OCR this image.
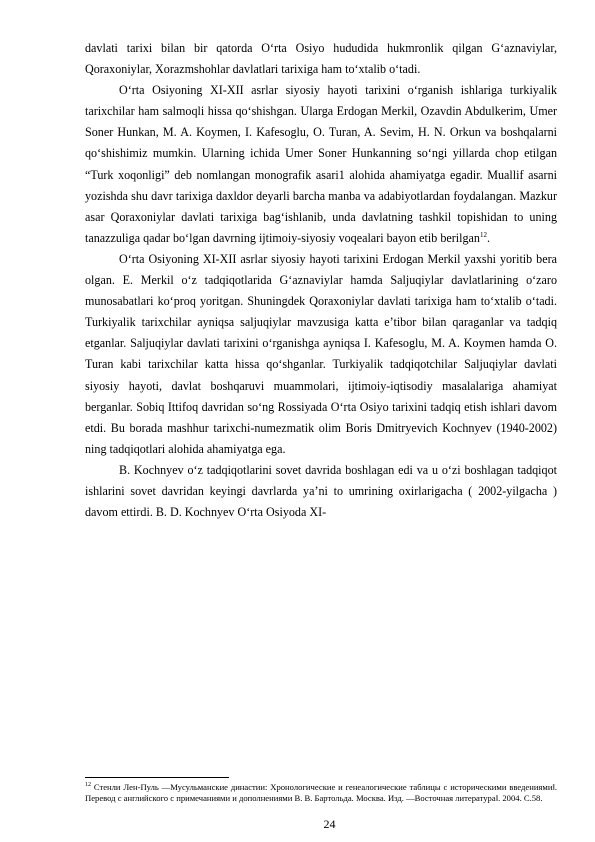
davlati tarixi bilan bir qatorda O‘rta Osiyo hududida hukmronlik qilgan G‘aznaviylar, Qoraxoniylar, Xorazmshohlar davlatlari tarixiga ham to‘xtalib o‘tadi.

O‘rta Osiyoning XI-XII asrlar siyosiy hayoti tarixini o‘rganish ishlariga turkiyalik tarixchilar ham salmoqli hissa qo‘shishgan. Ularga Erdogan Merkil, Ozavdin Abdulkerim, Umer Soner Hunkan, M. A. Koymen, I. Kafesoglu, O. Turan, A. Sevim, H. N. Orkun va boshqalarni qo‘shishimiz mumkin. Ularning ichida Umer Soner Hunkanning so‘ngi yillarda chop etilgan “Turk xoqonligi” deb nomlangan monografik asari1 alohida ahamiyatga egadir. Muallif asarni yozishda shu davr tarixiga daxldor deyarli barcha manba va adabiyotlardan foydalangan. Mazkur asar Qoraxoniylar davlati tarixiga bag‘ishlanib, unda davlatning tashkil topishidan to uning tanazzuliga qadar bo‘lgan davrning ijtimoiy-siyosiy voqealari bayon etib berilgan$^{12}$.

O‘rta Osiyoning XI-XII asrlar siyosiy hayoti tarixini Erdogan Merkil yaxshi yoritib bera olgan. E. Merkil o‘z tadqiqotlarida G‘aznaviylar hamda Saljuqiylar davlatlarining o‘zaro munosabatlari ko‘proq yoritgan. Shuningdek Qoraxoniylar davlati tarixiga ham to‘xtalib o‘tadi. Turkiyalik tarixchilar ayniqsa saljuqiylar mavzusiga katta e’tibor bilan qaraganlar va tadqiq etganlar. Saljuqiylar davlati tarixini o‘rganishga ayniqsa I. Kafesoglu, M. A. Koymen hamda O. Turan kabi tarixchilar katta hissa qo‘shganlar. Turkiyalik tadqiqotchilar Saljuqiylar davlati siyosiy hayoti, davlat boshqaruvi muammolari, ijtimoiy-iqtisodiy masalalariga ahamiyat berganlar. Sobiq Ittifoq davridan so‘ng Rossiyada O‘rta Osiyo tarixini tadqiq etish ishlari davom etdi. Bu borada mashhur tarixchi-numezmatik olim Boris Dmitryevich Kochnyev (1940-2002) ning tadqiqotlari alohida ahamiyatga ega.

B. Kochnyev o‘z tadqiqotlarini sovet davrida boshlagan edi va u o‘zi boshlagan tadqiqot ishlarini sovet davridan keyingi davrlarda ya’ni to umrining oxirlarigacha ( 2002-yilgacha ) davom ettirdi. B. D. Kochnyev O‘rta Osiyoda XI-

$^{12}$ Стенли Лен-Пуль —Мусульманские династии: Хронологические и генеалогические таблицы с историческими введениями‖. Перевод с английского с примечаниями и дополнениями В. В. Бартольда. Москва. Изд. —Восточная литература‖. 2004. С.58.

24
